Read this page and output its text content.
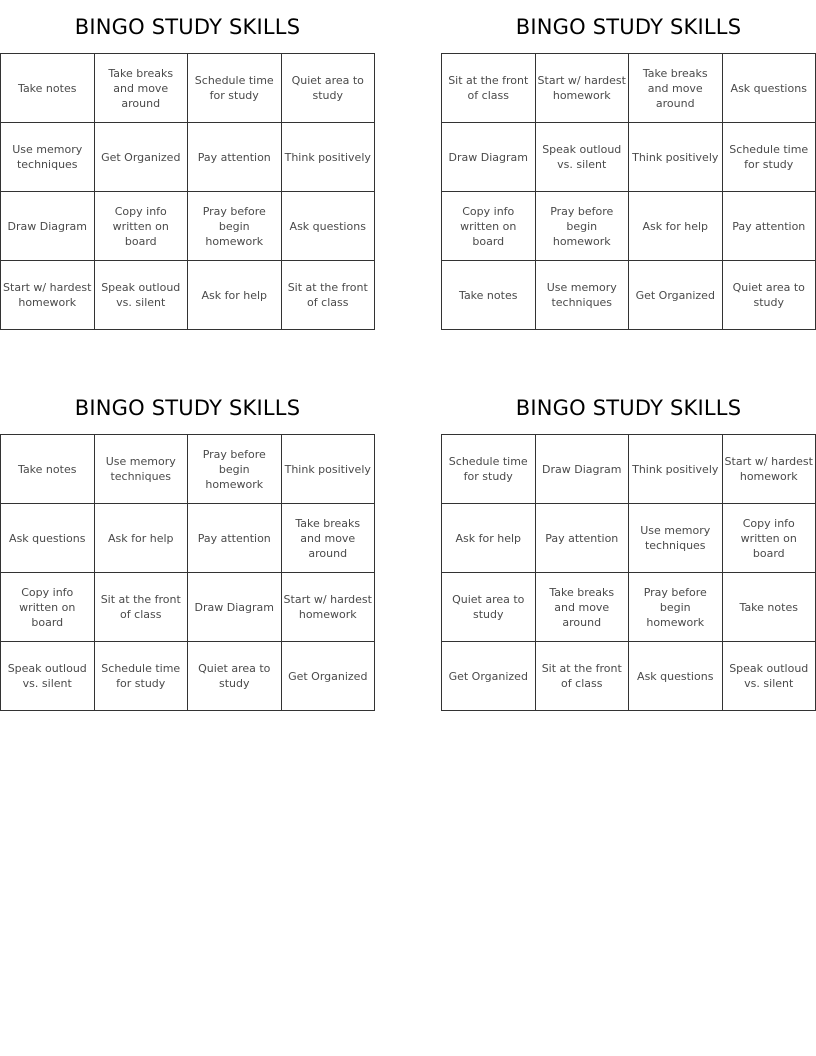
BINGO STUDY SKILLS
Take notes	Take breaks and move around	Schedule time for study	Quiet area to study
Use memory techniques	Get Organized	Pay attention	Think positively
Draw Diagram	Copy info written on board	Pray before begin homework	Ask questions
Start w/ hardest homework	Speak outloud vs. silent	Ask for help	Sit at the front of class
BINGO STUDY SKILLS
Sit at the front of class	Start w/ hardest homework	Take breaks and move around	Ask questions
Draw Diagram	Speak outloud vs. silent	Think positively	Schedule time for study
Copy info written on board	Pray before begin homework	Ask for help	Pay attention
Take notes	Use memory techniques	Get Organized	Quiet area to study
BINGO STUDY SKILLS
Take notes	Use memory techniques	Pray before begin homework	Think positively
Ask questions	Ask for help	Pay attention	Take breaks and move around
Copy info written on board	Sit at the front of class	Draw Diagram	Start w/ hardest homework
Speak outloud vs. silent	Schedule time for study	Quiet area to study	Get Organized
BINGO STUDY SKILLS
Schedule time for study	Draw Diagram	Think positively	Start w/ hardest homework
Ask for help	Pay attention	Use memory techniques	Copy info written on board
Quiet area to study	Take breaks and move around	Pray before begin homework	Take notes
Get Organized	Sit at the front of class	Ask questions	Speak outloud vs. silent
